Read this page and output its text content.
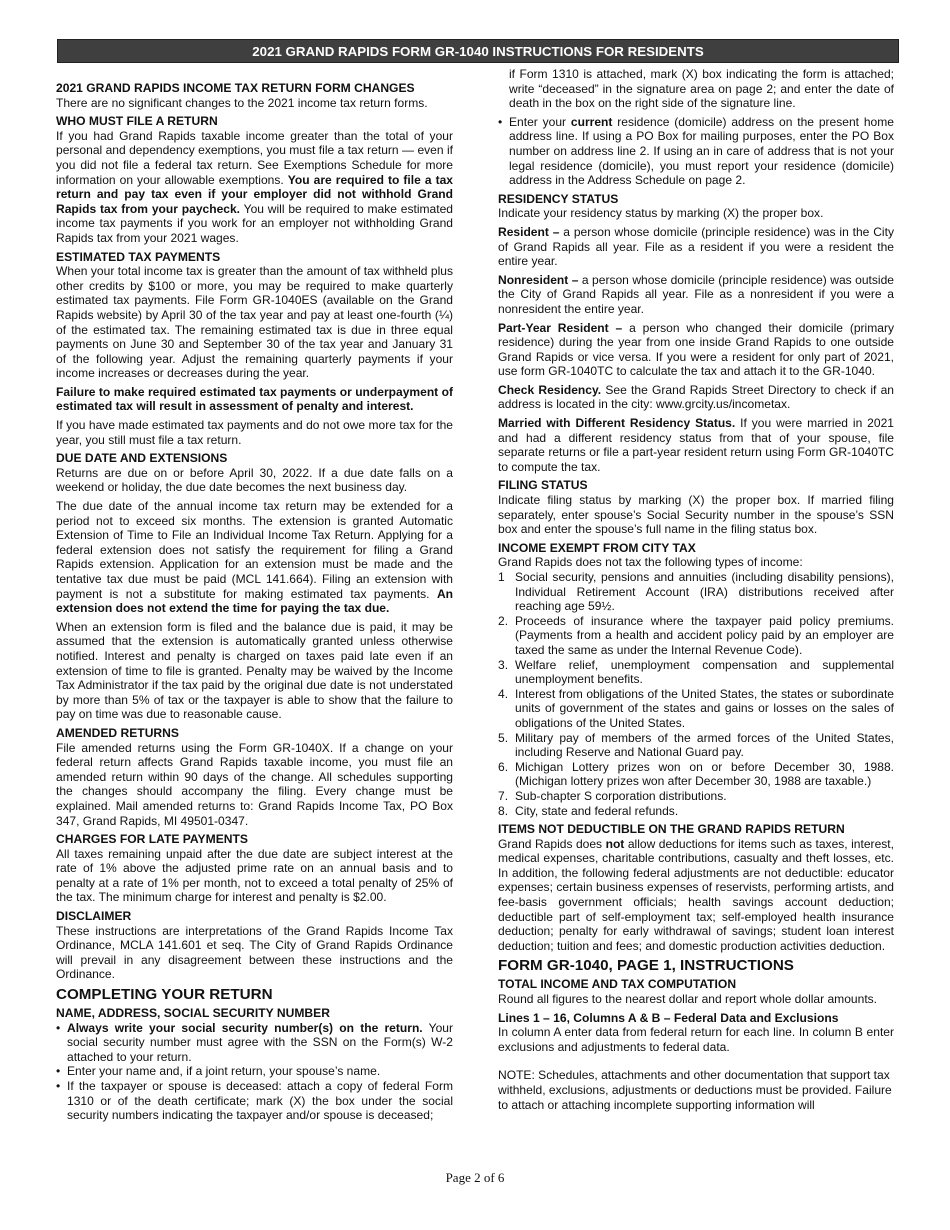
2021 GRAND RAPIDS FORM GR-1040 INSTRUCTIONS FOR RESIDENTS
2021 GRAND RAPIDS INCOME TAX RETURN FORM CHANGES

There are no significant changes to the 2021 income tax return forms.

WHO MUST FILE A RETURN

If you had Grand Rapids taxable income greater than the total of your personal and dependency exemptions, you must file a tax return — even if you did not file a federal tax return. See Exemptions Schedule for more information on your allowable exemptions. You are required to file a tax return and pay tax even if your employer did not withhold Grand Rapids tax from your paycheck. You will be required to make estimated income tax payments if you work for an employer not withholding Grand Rapids tax from your 2021 wages.

ESTIMATED TAX PAYMENTS

When your total income tax is greater than the amount of tax withheld plus other credits by $100 or more, you may be required to make quarterly estimated tax payments. File Form GR-1040ES (available on the Grand Rapids website) by April 30 of the tax year and pay at least one-fourth (¼) of the estimated tax. The remaining estimated tax is due in three equal payments on June 30 and September 30 of the tax year and January 31 of the following year. Adjust the remaining quarterly payments if your income increases or decreases during the year.

Failure to make required estimated tax payments or underpayment of estimated tax will result in assessment of penalty and interest.

If you have made estimated tax payments and do not owe more tax for the year, you still must file a tax return.

DUE DATE AND EXTENSIONS

Returns are due on or before April 30, 2022. If a due date falls on a weekend or holiday, the due date becomes the next business day.

The due date of the annual income tax return may be extended for a period not to exceed six months. The extension is granted Automatic Extension of Time to File an Individual Income Tax Return. Applying for a federal extension does not satisfy the requirement for filing a Grand Rapids extension. Application for an extension must be made and the tentative tax due must be paid (MCL 141.664). Filing an extension with payment is not a substitute for making estimated tax payments. An extension does not extend the time for paying the tax due.

When an extension form is filed and the balance due is paid, it may be assumed that the extension is automatically granted unless otherwise notified. Interest and penalty is charged on taxes paid late even if an extension of time to file is granted. Penalty may be waived by the Income Tax Administrator if the tax paid by the original due date is not understated by more than 5% of tax or the taxpayer is able to show that the failure to pay on time was due to reasonable cause.

AMENDED RETURNS

File amended returns using the Form GR-1040X. If a change on your federal return affects Grand Rapids taxable income, you must file an amended return within 90 days of the change. All schedules supporting the changes should accompany the filing. Every change must be explained. Mail amended returns to: Grand Rapids Income Tax, PO Box 347, Grand Rapids, MI 49501-0347.

CHARGES FOR LATE PAYMENTS

All taxes remaining unpaid after the due date are subject interest at the rate of 1% above the adjusted prime rate on an annual basis and to penalty at a rate of 1% per month, not to exceed a total penalty of 25% of the tax. The minimum charge for interest and penalty is $2.00.

DISCLAIMER

These instructions are interpretations of the Grand Rapids Income Tax Ordinance, MCLA 141.601 et seq. The City of Grand Rapids Ordinance will prevail in any disagreement between these instructions and the Ordinance.

COMPLETING YOUR RETURN
NAME, ADDRESS, SOCIAL SECURITY NUMBER
• Always write your social security number(s) on the return. Your social security number must agree with the SSN on the Form(s) W-2 attached to your return.
• Enter your name and, if a joint return, your spouse’s name.
• If the taxpayer or spouse is deceased: attach a copy of federal Form 1310 or of the death certificate; mark (X) the box under the social security numbers indicating the taxpayer and/or spouse is deceased;

if Form 1310 is attached, mark (X) box indicating the form is attached; write “deceased” in the signature area on page 2; and enter the date of death in the box on the right side of the signature line.

• Enter your current residence (domicile) address on the present home address line. If using a PO Box for mailing purposes, enter the PO Box number on address line 2. If using an in care of address that is not your legal residence (domicile), you must report your residence (domicile) address in the Address Schedule on page 2.
RESIDENCY STATUS

Indicate your residency status by marking (X) the proper box.

Resident – a person whose domicile (principle residence) was in the City of Grand Rapids all year. File as a resident if you were a resident the entire year.

Nonresident – a person whose domicile (principle residence) was outside the City of Grand Rapids all year. File as a nonresident if you were a nonresident the entire year.

Part-Year Resident – a person who changed their domicile (primary residence) during the year from one inside Grand Rapids to one outside Grand Rapids or vice versa. If you were a resident for only part of 2021, use form GR-1040TC to calculate the tax and attach it to the GR-1040.

Check Residency. See the Grand Rapids Street Directory to check if an address is located in the city: www.grcity.us/incometax.

Married with Different Residency Status. If you were married in 2021 and had a different residency status from that of your spouse, file separate returns or file a part-year resident return using Form GR-1040TC to compute the tax.

FILING STATUS

Indicate filing status by marking (X) the proper box. If married filing separately, enter spouse’s Social Security number in the spouse’s SSN box and enter the spouse’s full name in the filing status box.

INCOME EXEMPT FROM CITY TAX

Grand Rapids does not tax the following types of income:

1 Social security, pensions and annuities (including disability pensions), Individual Retirement Account (IRA) distributions received after reaching age 59½.
2. Proceeds of insurance where the taxpayer paid policy premiums. (Payments from a health and accident policy paid by an employer are taxed the same as under the Internal Revenue Code).
3. Welfare relief, unemployment compensation and supplemental unemployment benefits.
4. Interest from obligations of the United States, the states or subordinate units of government of the states and gains or losses on the sales of obligations of the United States.
5. Military pay of members of the armed forces of the United States, including Reserve and National Guard pay.
6. Michigan Lottery prizes won on or before December 30, 1988. (Michigan lottery prizes won after December 30, 1988 are taxable.)
7. Sub-chapter S corporation distributions.
8. City, state and federal refunds.
ITEMS NOT DEDUCTIBLE ON THE GRAND RAPIDS RETURN

Grand Rapids does not allow deductions for items such as taxes, interest, medical expenses, charitable contributions, casualty and theft losses, etc. In addition, the following federal adjustments are not deductible: educator expenses; certain business expenses of reservists, performing artists, and fee-basis government officials; health savings account deduction; deductible part of self-employment tax; self-employed health insurance deduction; penalty for early withdrawal of savings; student loan interest deduction; tuition and fees; and domestic production activities deduction.

FORM GR-1040, PAGE 1, INSTRUCTIONS
TOTAL INCOME AND TAX COMPUTATION

Round all figures to the nearest dollar and report whole dollar amounts.

Lines 1 – 16, Columns A & B – Federal Data and Exclusions

In column A enter data from federal return for each line. In column B enter exclusions and adjustments to federal data.

NOTE: Schedules, attachments and other documentation that support tax withheld, exclusions, adjustments or deductions must be provided. Failure to attach or attaching incomplete supporting information will

Page 2 of 6
